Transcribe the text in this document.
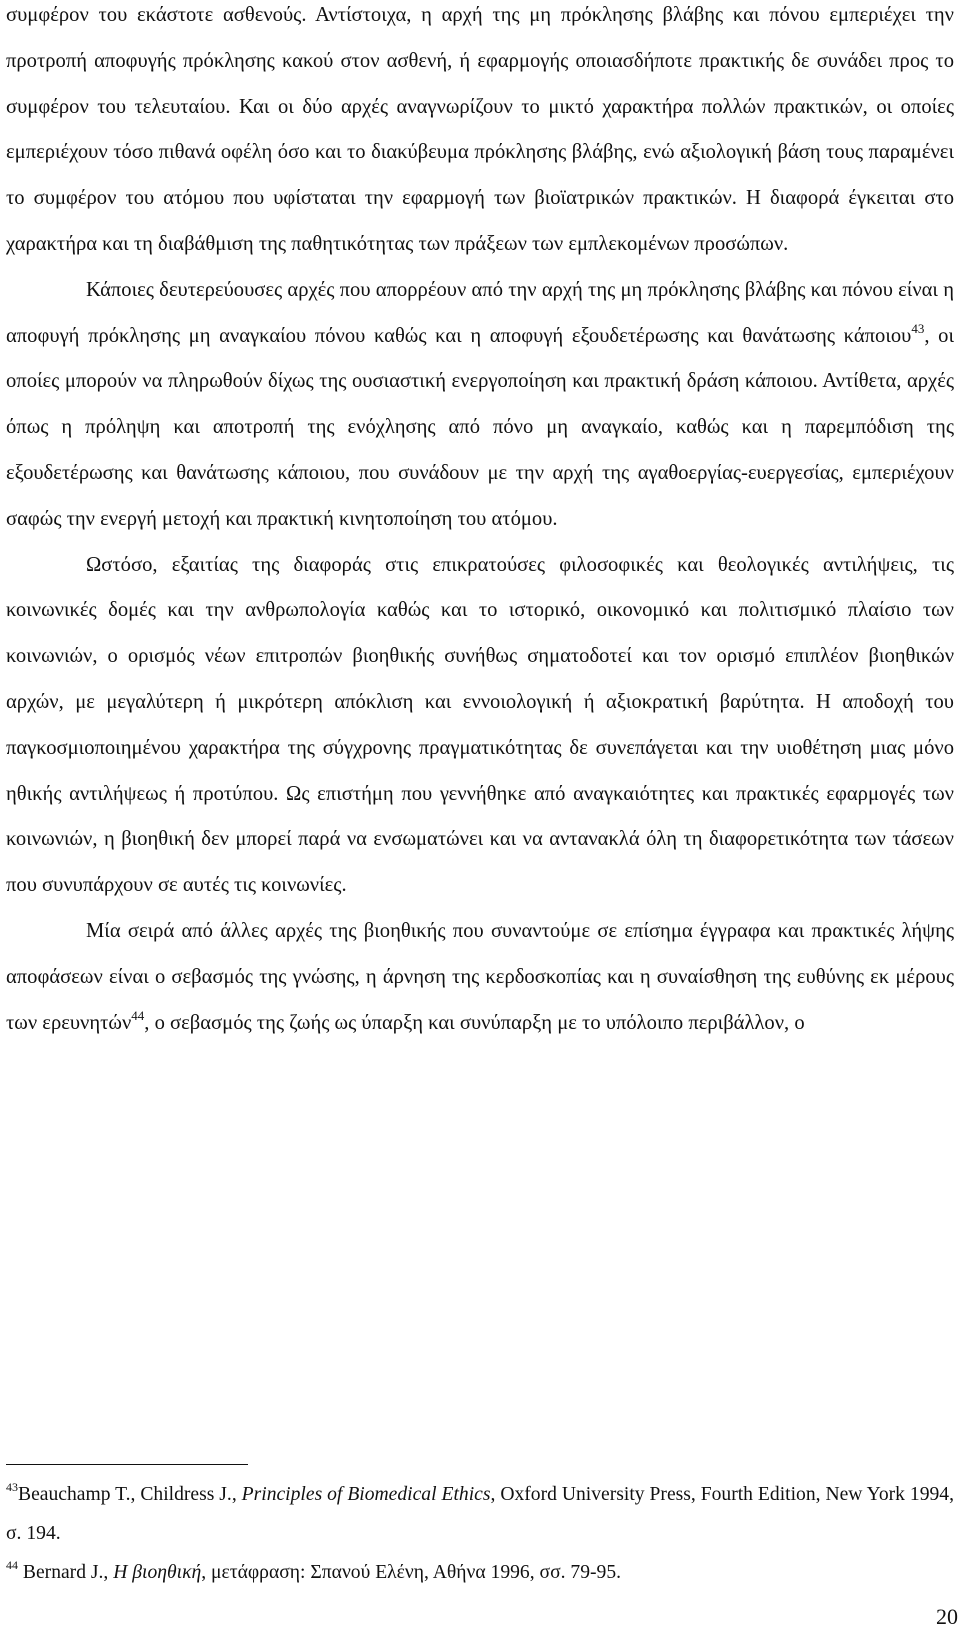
συμφέρον του εκάστοτε ασθενούς. Αντίστοιχα, η αρχή της μη πρόκλησης βλάβης και πόνου εμπεριέχει την προτροπή αποφυγής πρόκλησης κακού στον ασθενή, ή εφαρμογής οποιασδήποτε πρακτικής δε συνάδει προς το συμφέρον του τελευταίου. Και οι δύο αρχές αναγνωρίζουν το μικτό χαρακτήρα πολλών πρακτικών, οι οποίες εμπεριέχουν τόσο πιθανά οφέλη όσο και το διακύβευμα πρόκλησης βλάβης, ενώ αξιολογική βάση τους παραμένει το συμφέρον του ατόμου που υφίσταται την εφαρμογή των βιοϊατρικών πρακτικών. Η διαφορά έγκειται στο χαρακτήρα και τη διαβάθμιση της παθητικότητας των πράξεων των εμπλεκομένων προσώπων.

Κάποιες δευτερεύουσες αρχές που απορρέουν από την αρχή της μη πρόκλησης βλάβης και πόνου είναι η αποφυγή πρόκλησης μη αναγκαίου πόνου καθώς και η αποφυγή εξουδετέρωσης και θανάτωσης κάποιου$^{43}$, οι οποίες μπορούν να πληρωθούν δίχως της ουσιαστική ενεργοποίηση και πρακτική δράση κάποιου. Αντίθετα, αρχές όπως η πρόληψη και αποτροπή της ενόχλησης από πόνο μη αναγκαίο, καθώς και η παρεμπόδιση της εξουδετέρωσης και θανάτωσης κάποιου, που συνάδουν με την αρχή της αγαθοεργίας-ευεργεσίας, εμπεριέχουν σαφώς την ενεργή μετοχή και πρακτική κινητοποίηση του ατόμου.

Ωστόσο, εξαιτίας της διαφοράς στις επικρατούσες φιλοσοφικές και θεολογικές αντιλήψεις, τις κοινωνικές δομές και την ανθρωπολογία καθώς και το ιστορικό, οικονομικό και πολιτισμικό πλαίσιο των κοινωνιών, ο ορισμός νέων επιτροπών βιοηθικής συνήθως σηματοδοτεί και τον ορισμό επιπλέον βιοηθικών αρχών, με μεγαλύτερη ή μικρότερη απόκλιση και εννοιολογική ή αξιοκρατική βαρύτητα. Η αποδοχή του παγκοσμιοποιημένου χαρακτήρα της σύγχρονης πραγματικότητας δε συνεπάγεται και την υιοθέτηση μιας μόνο ηθικής αντιλήψεως ή προτύπου. Ως επιστήμη που γεννήθηκε από αναγκαιότητες και πρακτικές εφαρμογές των κοινωνιών, η βιοηθική δεν μπορεί παρά να ενσωματώνει και να αντανακλά όλη τη διαφορετικότητα των τάσεων που συνυπάρχουν σε αυτές τις κοινωνίες.

Μία σειρά από άλλες αρχές της βιοηθικής που συναντούμε σε επίσημα έγγραφα και πρακτικές λήψης αποφάσεων είναι ο σεβασμός της γνώσης, η άρνηση της κερδοσκοπίας και η συναίσθηση της ευθύνης εκ μέρους των ερευνητών$^{44}$, ο σεβασμός της ζωής ως ύπαρξη και συνύπαρξη με το υπόλοιπο περιβάλλον, ο

$^{43}$Beauchamp T., Childress J., Principles of Biomedical Ethics, Oxford University Press, Fourth Edition, New York 1994, σ. 194.

$^{44}$ Bernard J., Η βιοηθική, μετάφραση: Σπανού Ελένη, Αθήνα 1996, σσ. 79-95.

20
